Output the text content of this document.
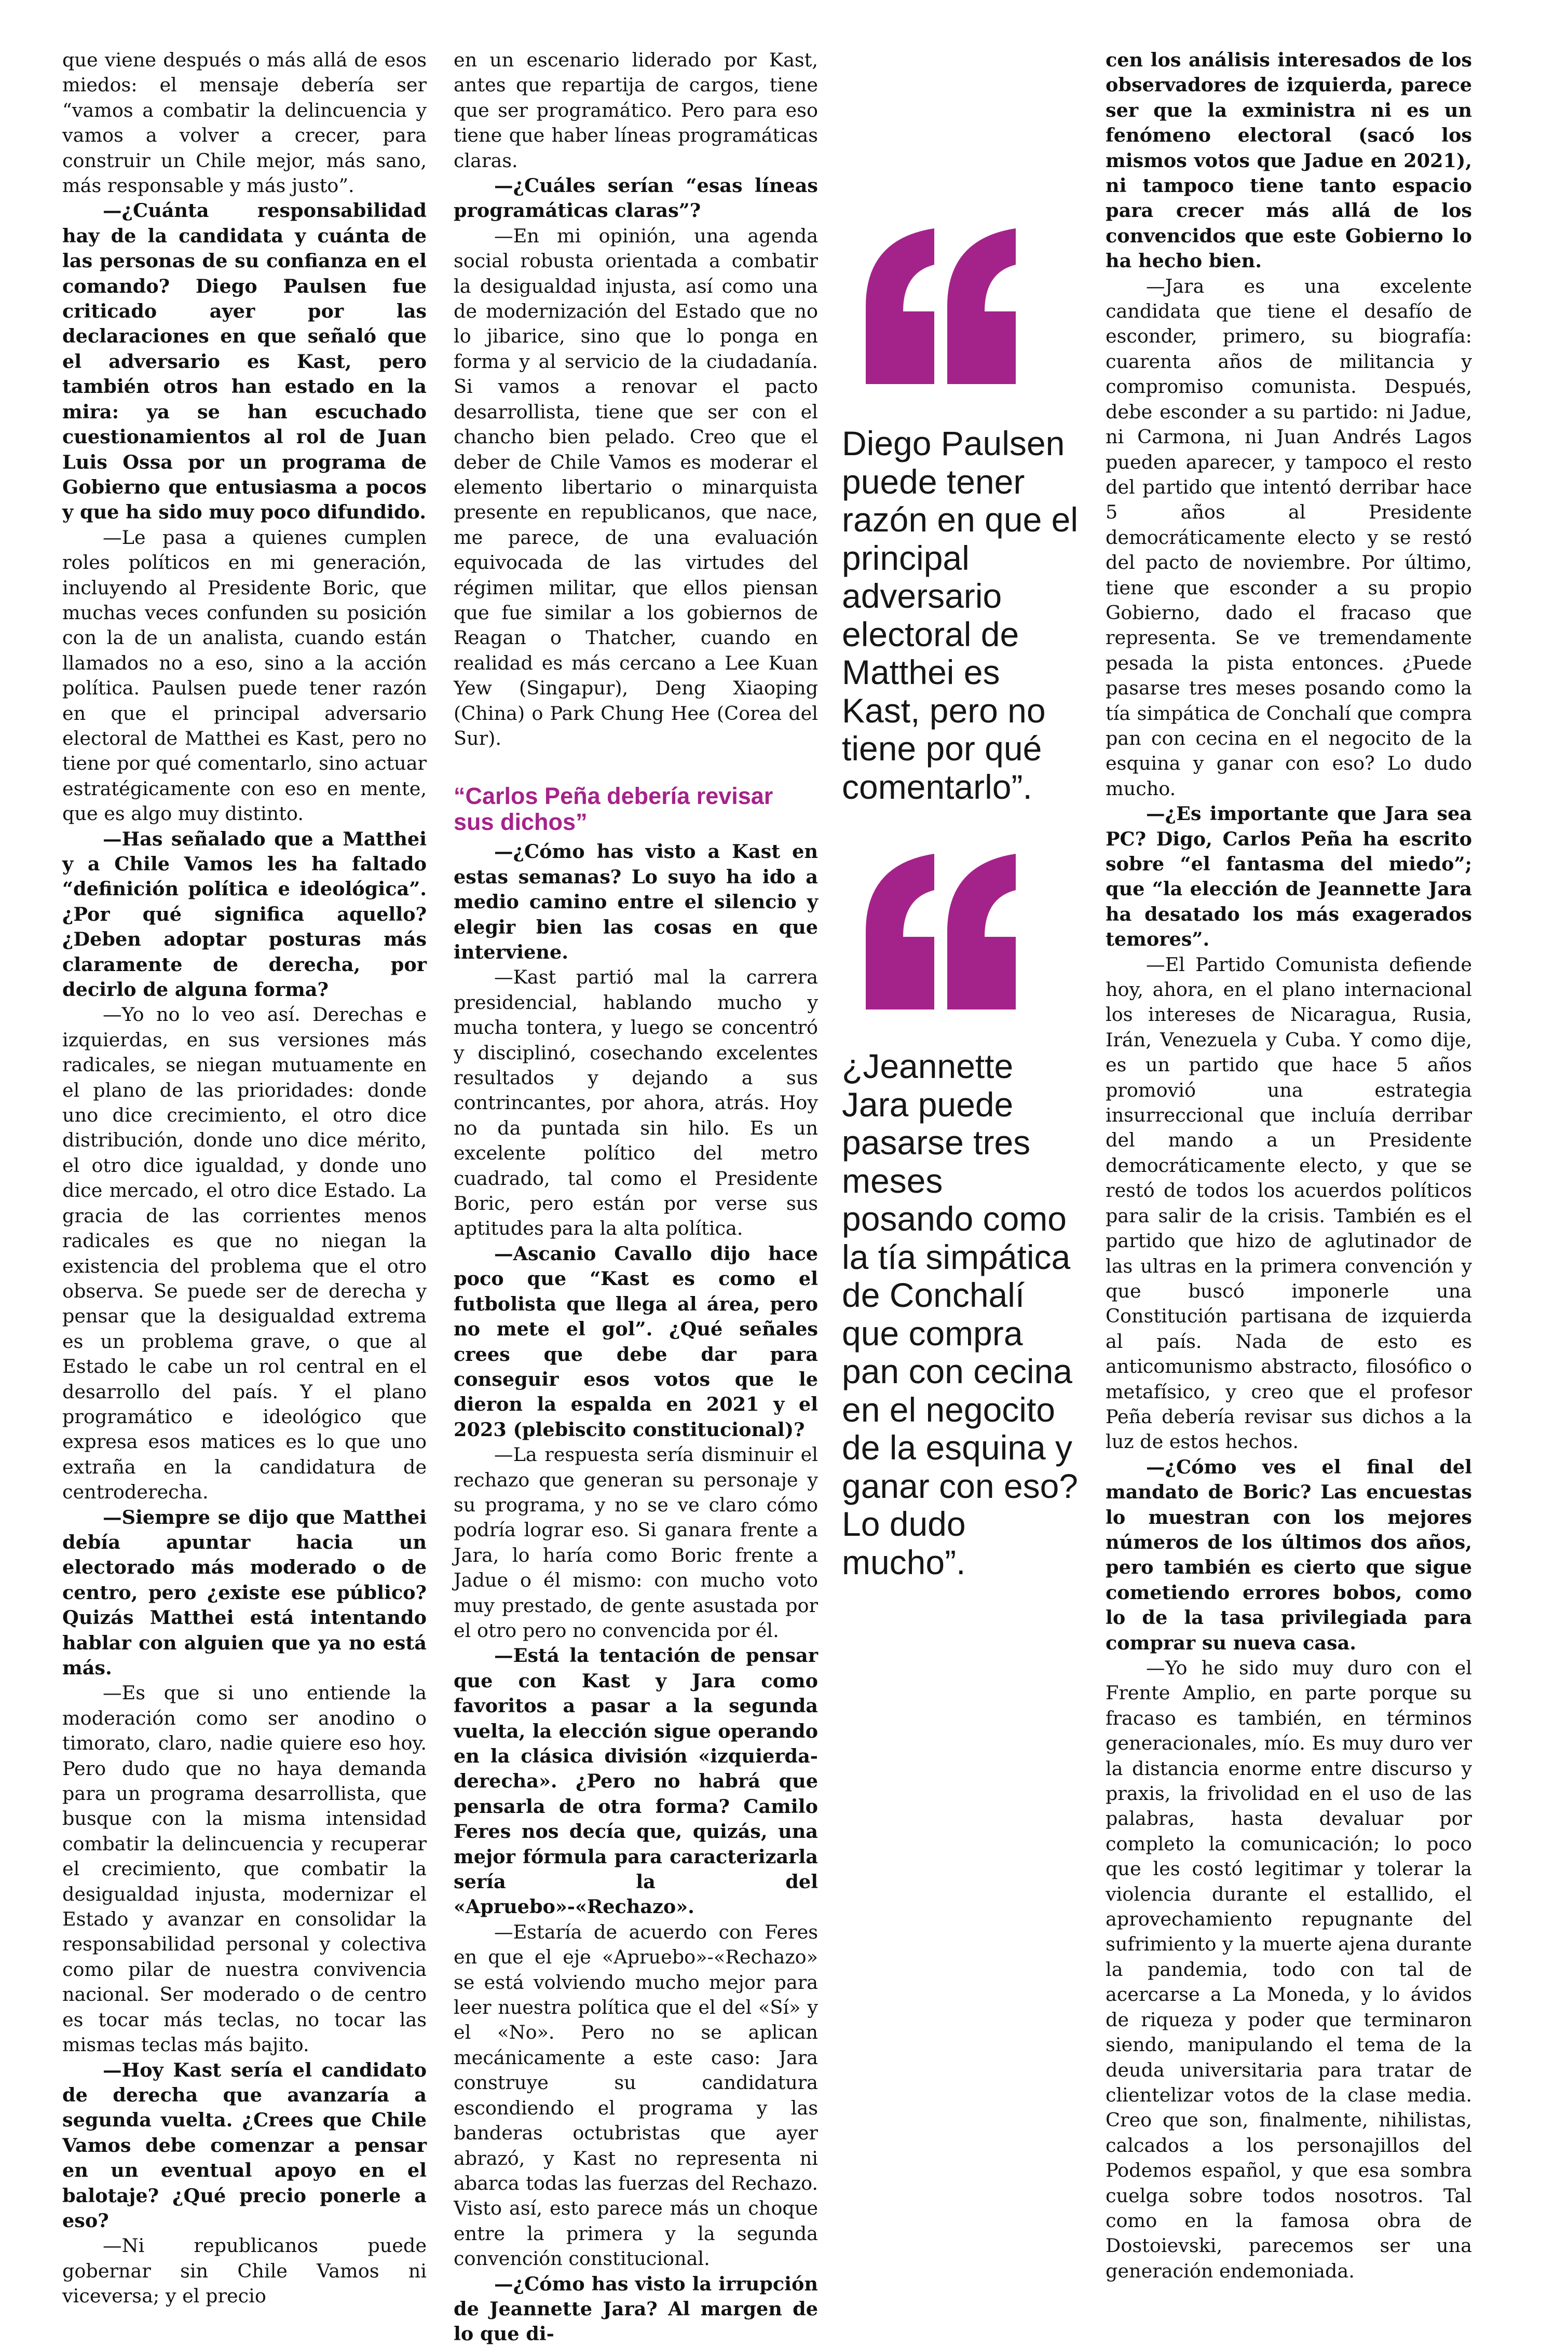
que viene después o más allá de esos miedos: el mensaje debería ser “vamos a combatir la delincuencia y vamos a volver a crecer, para construir un Chile mejor, más sano, más responsable y más justo”.

—¿Cuánta responsabilidad hay de la candidata y cuánta de las personas de su confianza en el comando? Diego Paulsen fue criticado ayer por las declaraciones en que señaló que el adversario es Kast, pero también otros han estado en la mira: ya se han escuchado cuestionamientos al rol de Juan Luis Ossa por un programa de Gobierno que entusiasma a pocos y que ha sido muy poco difundido.

—Le pasa a quienes cumplen roles políticos en mi generación, incluyendo al Presidente Boric, que muchas veces confunden su posición con la de un analista, cuando están llamados no a eso, sino a la acción política. Paulsen puede tener razón en que el principal adversario electoral de Matthei es Kast, pero no tiene por qué comentarlo, sino actuar estratégicamente con eso en mente, que es algo muy distinto.

—Has señalado que a Matthei y a Chile Vamos les ha faltado “definición política e ideológica”. ¿Por qué significa aquello? ¿Deben adoptar posturas más claramente de derecha, por decirlo de alguna forma?

—Yo no lo veo así. Derechas e izquierdas, en sus versiones más radicales, se niegan mutuamente en el plano de las prioridades: donde uno dice crecimiento, el otro dice distribución, donde uno dice mérito, el otro dice igualdad, y donde uno dice mercado, el otro dice Estado. La gracia de las corrientes menos radicales es que no niegan la existencia del problema que el otro observa. Se puede ser de derecha y pensar que la desigualdad extrema es un problema grave, o que al Estado le cabe un rol central en el desarrollo del país. Y el plano programático e ideológico que expresa esos matices es lo que uno extraña en la candidatura de centroderecha.

—Siempre se dijo que Matthei debía apuntar hacia un electorado más moderado o de centro, pero ¿existe ese público? Quizás Matthei está intentando hablar con alguien que ya no está más.

—Es que si uno entiende la moderación como ser anodino o timorato, claro, nadie quiere eso hoy. Pero dudo que no haya demanda para un programa desarrollista, que busque con la misma intensidad combatir la delincuencia y recuperar el crecimiento, que combatir la desigualdad injusta, modernizar el Estado y avanzar en consolidar la responsabilidad personal y colectiva como pilar de nuestra convivencia nacional. Ser moderado o de centro es tocar más teclas, no tocar las mismas teclas más bajito.

—Hoy Kast sería el candidato de derecha que avanzaría a segunda vuelta. ¿Crees que Chile Vamos debe comenzar a pensar en un eventual apoyo en el balotaje? ¿Qué precio ponerle a eso?

—Ni republicanos puede gobernar sin Chile Vamos ni viceversa; y el precio

en un escenario liderado por Kast, antes que repartija de cargos, tiene que ser programático. Pero para eso tiene que haber líneas programáticas claras.

—¿Cuáles serían “esas líneas programáticas claras”?

—En mi opinión, una agenda social robusta orientada a combatir la desigualdad injusta, así como una de modernización del Estado que no lo jibarice, sino que lo ponga en forma y al servicio de la ciudadanía. Si vamos a renovar el pacto desarrollista, tiene que ser con el chancho bien pelado. Creo que el deber de Chile Vamos es moderar el elemento libertario o minarquista presente en republicanos, que nace, me parece, de una evaluación equivocada de las virtudes del régimen militar, que ellos piensan que fue similar a los gobiernos de Reagan o Thatcher, cuando en realidad es más cercano a Lee Kuan Yew (Singapur), Deng Xiaoping (China) o Park Chung Hee (Corea del Sur).

“Carlos Peña debería revisar sus dichos”

—¿Cómo has visto a Kast en estas semanas? Lo suyo ha ido a medio camino entre el silencio y elegir bien las cosas en que interviene.

—Kast partió mal la carrera presidencial, hablando mucho y mucha tontera, y luego se concentró y disciplinó, cosechando excelentes resultados y dejando a sus contrincantes, por ahora, atrás. Hoy no da puntada sin hilo. Es un excelente político del metro cuadrado, tal como el Presidente Boric, pero están por verse sus aptitudes para la alta política.

—Ascanio Cavallo dijo hace poco que “Kast es como el futbolista que llega al área, pero no mete el gol”. ¿Qué señales crees que debe dar para conseguir esos votos que le dieron la espalda en 2021 y el 2023 (plebiscito constitucional)?

—La respuesta sería disminuir el rechazo que generan su personaje y su programa, y no se ve claro cómo podría lograr eso. Si ganara frente a Jara, lo haría como Boric frente a Jadue o él mismo: con mucho voto muy prestado, de gente asustada por el otro pero no convencida por él.

—Está la tentación de pensar que con Kast y Jara como favoritos a pasar a la segunda vuelta, la elección sigue operando en la clásica división «izquierda-derecha». ¿Pero no habrá que pensarla de otra forma? Camilo Feres nos decía que, quizás, una mejor fórmula para caracterizarla sería la del «Apruebo»-«Rechazo».

—Estaría de acuerdo con Feres en que el eje «Apruebo»-«Rechazo» se está volviendo mucho mejor para leer nuestra política que el del «Sí» y el «No». Pero no se aplican mecánicamente a este caso: Jara construye su candidatura escondiendo el programa y las banderas octubristas que ayer abrazó, y Kast no representa ni abarca todas las fuerzas del Rechazo. Visto así, esto parece más un choque entre la primera y la segunda convención constitucional.

—¿Cómo has visto la irrupción de Jeannette Jara? Al margen de lo que di-

cen los análisis interesados de los observadores de izquierda, parece ser que la exministra ni es un fenómeno electoral (sacó los mismos votos que Jadue en 2021), ni tampoco tiene tanto espacio para crecer más allá de los convencidos que este Gobierno lo ha hecho bien.

—Jara es una excelente candidata que tiene el desafío de esconder, primero, su biografía: cuarenta años de militancia y compromiso comunista. Después, debe esconder a su partido: ni Jadue, ni Carmona, ni Juan Andrés Lagos pueden aparecer, y tampoco el resto del partido que intentó derribar hace 5 años al Presidente democráticamente electo y se restó del pacto de noviembre. Por último, tiene que esconder a su propio Gobierno, dado el fracaso que representa. Se ve tremendamente pesada la pista entonces. ¿Puede pasarse tres meses posando como la tía simpática de Conchalí que compra pan con cecina en el negocito de la esquina y ganar con eso? Lo dudo mucho.

—¿Es importante que Jara sea PC? Digo, Carlos Peña ha escrito sobre “el fantasma del miedo”; que “la elección de Jeannette Jara ha desatado los más exagerados temores”.

—El Partido Comunista defiende hoy, ahora, en el plano internacional los intereses de Nicaragua, Rusia, Irán, Venezuela y Cuba. Y como dije, es un partido que hace 5 años promovió una estrategia insurreccional que incluía derribar del mando a un Presidente democráticamente electo, y que se restó de todos los acuerdos políticos para salir de la crisis. También es el partido que hizo de aglutinador de las ultras en la primera convención y que buscó imponerle una Constitución partisana de izquierda al país. Nada de esto es anticomunismo abstracto, filosófico o metafísico, y creo que el profesor Peña debería revisar sus dichos a la luz de estos hechos.

—¿Cómo ves el final del mandato de Boric? Las encuestas lo muestran con los mejores números de los últimos dos años, pero también es cierto que sigue cometiendo errores bobos, como lo de la tasa privilegiada para comprar su nueva casa.

—Yo he sido muy duro con el Frente Amplio, en parte porque su fracaso es también, en términos generacionales, mío. Es muy duro ver la distancia enorme entre discurso y praxis, la frivolidad en el uso de las palabras, hasta devaluar por completo la comunicación; lo poco que les costó legitimar y tolerar la violencia durante el estallido, el aprovechamiento repugnante del sufrimiento y la muerte ajena durante la pandemia, todo con tal de acercarse a La Moneda, y lo ávidos de riqueza y poder que terminaron siendo, manipulando el tema de la deuda universitaria para tratar de clientelizar votos de la clase media. Creo que son, finalmente, nihilistas, calcados a los personajillos del Podemos español, y que esa sombra cuelga sobre todos nosotros. Tal como en la famosa obra de Dostoievski, parecemos ser una generación endemoniada.

Diego Paulsen puede tener razón en que el principal adversario electoral de Matthei es Kast, pero no tiene por qué comentarlo”.
¿Jeannette Jara puede pasarse tres meses posando como la tía simpática de Conchalí que compra pan con cecina en el negocito de la esquina y ganar con eso? Lo dudo mucho”.
